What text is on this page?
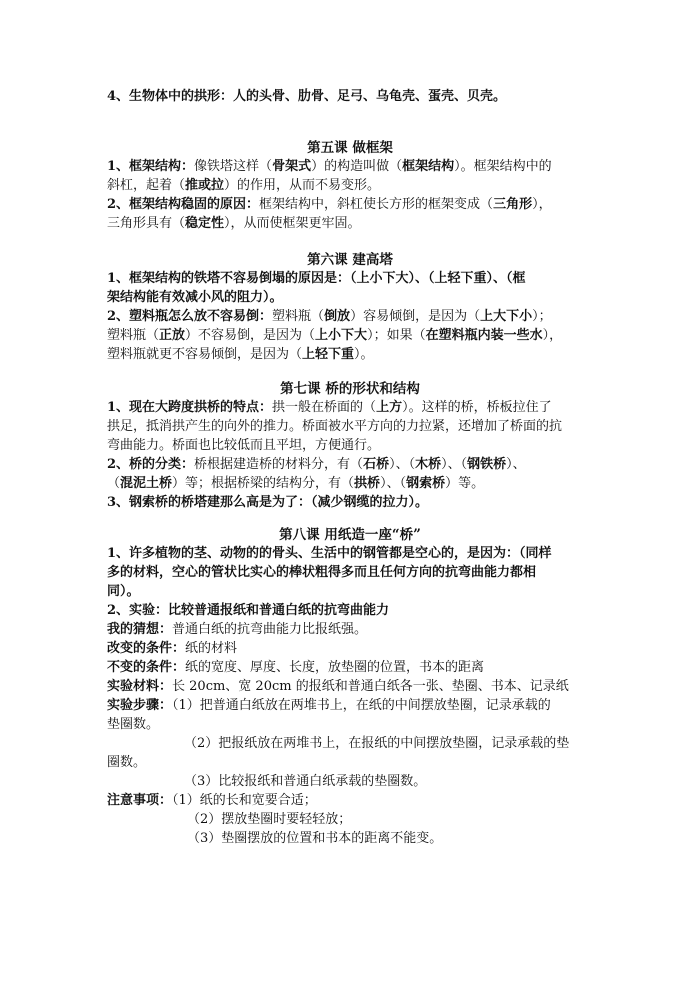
4、生物体中的拱形：人的头骨、肋骨、足弓、乌龟壳、蛋壳、贝壳。
第五课 做框架
1、框架结构：像铁塔这样（骨架式）的构造叫做（框架结构）。框架结构中的
斜杠，起着（推或拉）的作用，从而不易变形。
2、框架结构稳固的原因：框架结构中，斜杠使长方形的框架变成（三角形），
三角形具有（稳定性），从而使框架更牢固。
第六课 建高塔
1、框架结构的铁塔不容易倒塌的原因是：（上小下大）、（上轻下重）、（框
架结构能有效减小风的阻力）。
2、塑料瓶怎么放不容易倒：塑料瓶（倒放）容易倾倒，是因为（上大下小）；
塑料瓶（正放）不容易倒，是因为（上小下大）；如果（在塑料瓶内装一些水），
塑料瓶就更不容易倾倒，是因为（上轻下重）。
第七课 桥的形状和结构
1、现在大跨度拱桥的特点：拱一般在桥面的（上方）。这样的桥，桥板拉住了
拱足，抵消拱产生的向外的推力。桥面被水平方向的力拉紧，还增加了桥面的抗
弯曲能力。桥面也比较低而且平坦，方便通行。
2、桥的分类：桥根据建造桥的材料分，有（石桥）、（木桥）、（钢铁桥）、
（混泥土桥）等；根据桥梁的结构分，有（拱桥）、（钢索桥）等。
3、钢索桥的桥塔建那么高是为了：（减少钢缆的拉力）。
第八课 用纸造一座“桥”
1、许多植物的茎、动物的的骨头、生活中的钢管都是空心的，是因为：（同样
多的材料，空心的管状比实心的棒状粗得多而且任何方向的抗弯曲能力都相
同）。
2、实验：比较普通报纸和普通白纸的抗弯曲能力
我的猜想：普通白纸的抗弯曲能力比报纸强。
改变的条件：纸的材料
不变的条件：纸的宽度、厚度、长度，放垫圈的位置，书本的距离
实验材料：长 20cm、宽 20cm 的报纸和普通白纸各一张、垫圈、书本、记录纸
实验步骤：（1）把普通白纸放在两堆书上，在纸的中间摆放垫圈，记录承载的
垫圈数。
（2）把报纸放在两堆书上，在报纸的中间摆放垫圈，记录承载的垫
圈数。
（3）比较报纸和普通白纸承载的垫圈数。
注意事项：（1）纸的长和宽要合适；
（2）摆放垫圈时要轻轻放；
（3）垫圈摆放的位置和书本的距离不能变。
